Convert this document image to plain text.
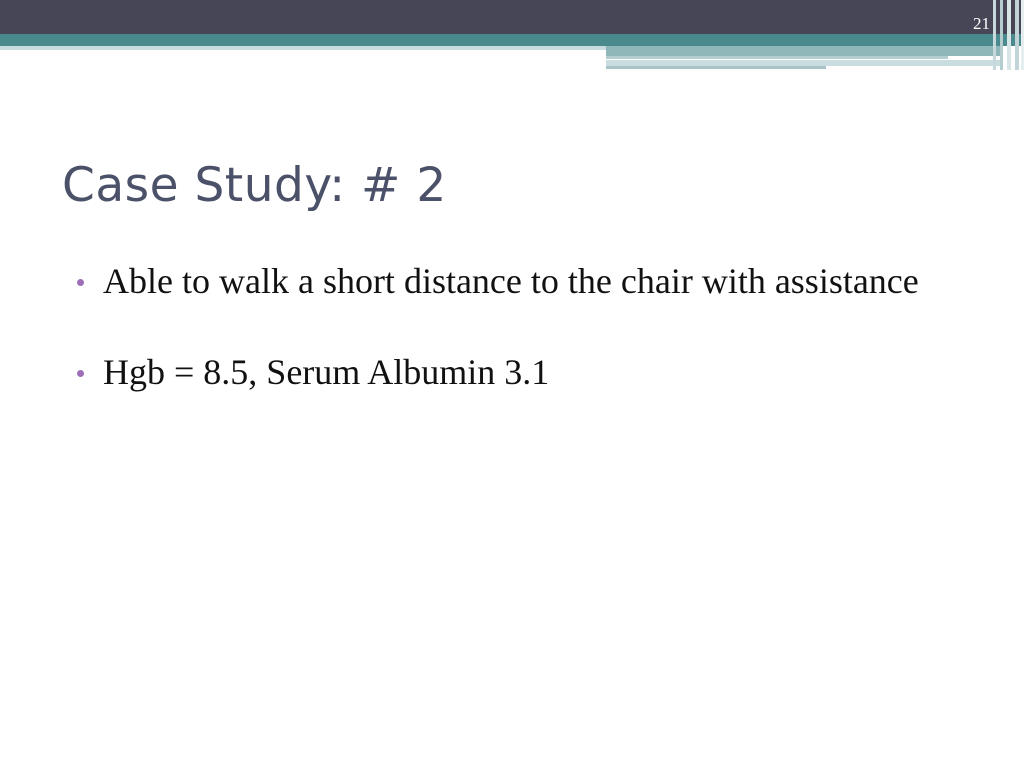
21
Case Study: # 2
Able to walk a short distance to the chair with assistance
Hgb = 8.5, Serum Albumin 3.1
